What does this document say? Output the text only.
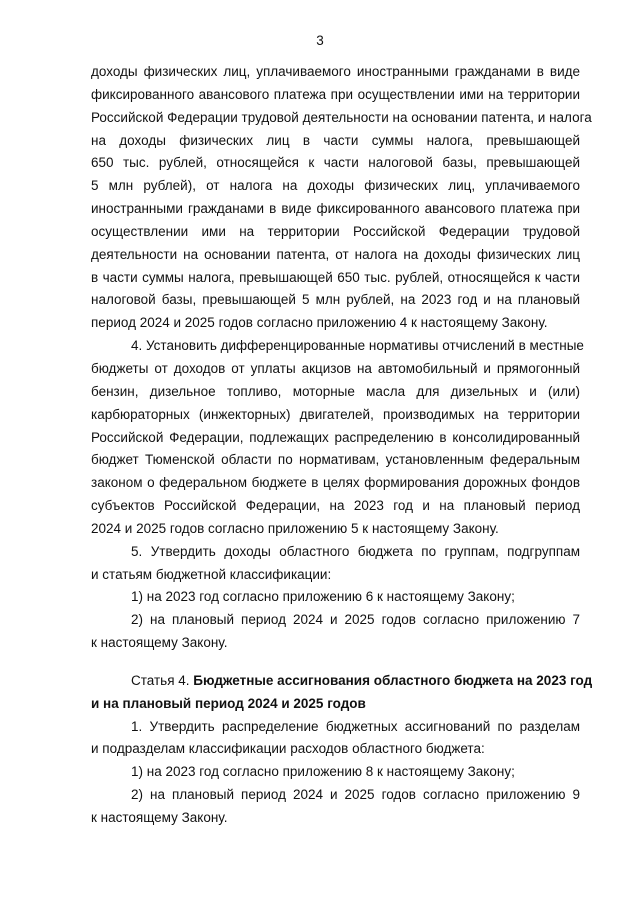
3
доходы физических лиц, уплачиваемого иностранными гражданами в виде
фиксированного авансового платежа при осуществлении ими на территории
Российской Федерации трудовой деятельности на основании патента, и налога
на доходы физических лиц в части суммы налога, превышающей
650 тыс. рублей, относящейся к части налоговой базы, превышающей
5 млн рублей), от налога на доходы физических лиц, уплачиваемого
иностранными гражданами в виде фиксированного авансового платежа при
осуществлении ими на территории Российской Федерации трудовой
деятельности на основании патента, от налога на доходы физических лиц
в части суммы налога, превышающей 650 тыс. рублей, относящейся к части
налоговой базы, превышающей 5 млн рублей, на 2023 год и на плановый
период 2024 и 2025 годов согласно приложению 4 к настоящему Закону.
4. Установить дифференцированные нормативы отчислений в местные
бюджеты от доходов от уплаты акцизов на автомобильный и прямогонный
бензин, дизельное топливо, моторные масла для дизельных и (или)
карбюраторных (инжекторных) двигателей, производимых на территории
Российской Федерации, подлежащих распределению в консолидированный
бюджет Тюменской области по нормативам, установленным федеральным
законом о федеральном бюджете в целях формирования дорожных фондов
субъектов Российской Федерации, на 2023 год и на плановый период
2024 и 2025 годов согласно приложению 5 к настоящему Закону.
5. Утвердить доходы областного бюджета по группам, подгруппам
и статьям бюджетной классификации:
1) на 2023 год согласно приложению 6 к настоящему Закону;
2) на плановый период 2024 и 2025 годов согласно приложению 7
к настоящему Закону.
Статья 4. Бюджетные ассигнования областного бюджета на 2023 год
и на плановый период 2024 и 2025 годов
1. Утвердить распределение бюджетных ассигнований по разделам
и подразделам классификации расходов областного бюджета:
1) на 2023 год согласно приложению 8 к настоящему Закону;
2) на плановый период 2024 и 2025 годов согласно приложению 9
к настоящему Закону.
